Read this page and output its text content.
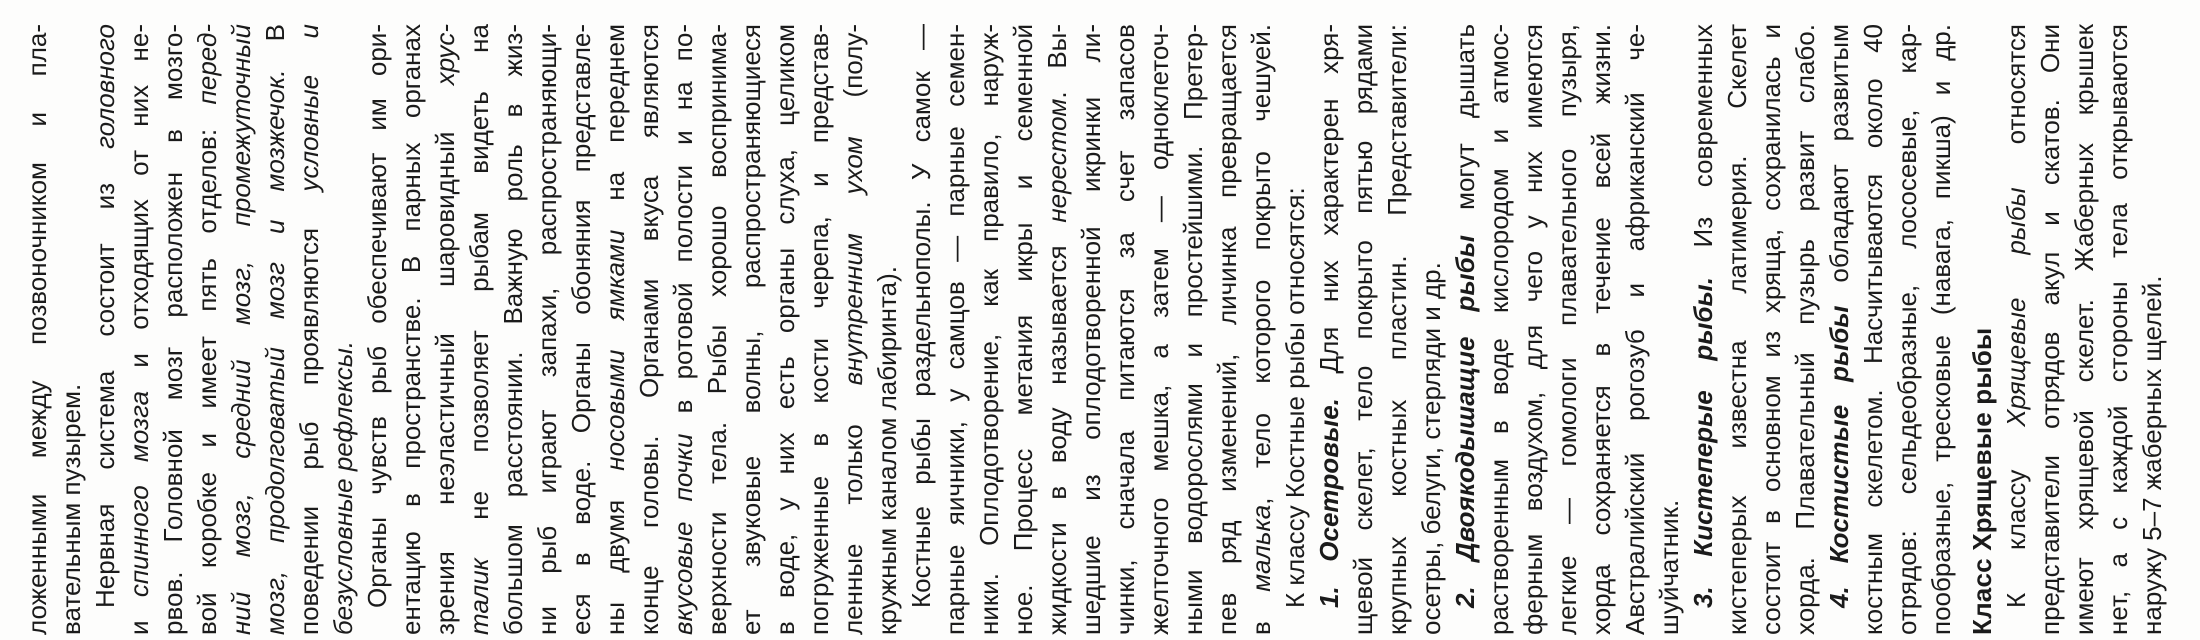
ложенными между позвоночником и пла- вательным пузырем. Нервная система состоит из головного
и спинного мозга и отходящих от них не- рвов. Головной мозг расположен в мозго- вой коробке и имеет пять отделов: перед- ний мозг, средний мозг, промежуточный мозг, продолговатый мозг и мозжечок. В
поведении рыб проявляются условные и
безусловные рефлексы. Органы чувств рыб обеспечивают им ори- ентацию в пространстве. В парных органах зрения неэластичный шаровидный хрус-
талик не позволяет рыбам видеть на большом расстоянии. Важную роль в жиз- ни рыб играют запахи, распространяющи- еся в воде. Органы обоняния представле- ны двумя носовыми ямками на переднем конце головы. Органами вкуса являются вкусовые почки в ротовой полости и на по- верхности тела. Рыбы хорошо воспринима- ет звуковые волны, распространяющиеся в воде, у них есть органы слуха, целиком погруженные в кости черепа, и представ- ленные только внутренним ухом (полу-
кружным каналом лабиринта). Костные рыбы раздельнополы. У самок — парные яичники, у самцов — парные семен- ники. Оплодотворение, как правило, наруж- ное. Процесс метания икры и семенной жидкости в воду называется нерестом. Вы- шедшие из оплодотворенной икринки ли- чинки, сначала питаются за счет запасов желточного мешка, а затем — одноклеточ- ными водорослями и простейшими. Претер- пев ряд изменений, личинка превращается в малька, тело которого покрыто чешуей. К классу Костные рыбы относятся: 1. Осетровые. Для них характерен хря- щевой скелет, тело покрыто пятью рядами крупных костных пластин. Представители: осетры, белуги, стерляди и др. 2. Двоякодышащие рыбы могут дышать растворенным в воде кислородом и атмос- ферным воздухом, для чего у них имеются легкие — гомологи плавательного пузыря, хорда сохраняется в течение всей жизни. Австралийский рогозуб и африканский че- шуйчатник. 3. Кистеперые рыбы. Из современных кистеперых известна латимерия. Скелет состоит в основном из хряща, сохранилась и хорда. Плавательный пузырь развит слабо. 4. Костистые рыбы обладают развитым костным скелетом. Насчитываются около 40 отрядов: сельдеобразные, лососевые, кар- пообразные, тресковые (навага, пикша) и др. Класс Хрящевые рыбы К классу Хрящевые рыбы относятся представители отрядов акул и скатов. Они имеют хрящевой скелет. Жаберных крышек нет, а с каждой стороны тела открываются наружу 5–7 жаберных щелей.
